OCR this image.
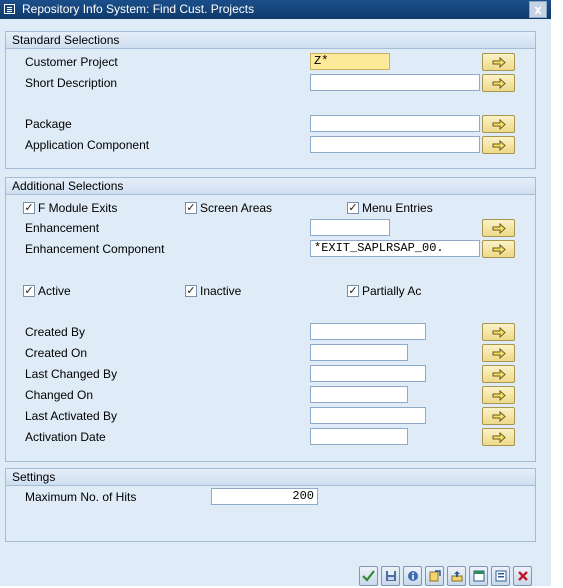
Repository Info System: Find Cust. Projects	x
Standard Selections
Customer Project	Z*
Short Description
Package
Application Component
Additional Selections
✓ F Module Exits	✓ Screen Areas	✓ Menu Entries
Enhancement
Enhancement Component	*EXIT_SAPLRSAP_00.
✓ Active	✓ Inactive	✓ Partially Ac
Created By
Created On
Last Changed By
Changed On
Last Activated By
Activation Date
Settings
Maximum No. of Hits	200
